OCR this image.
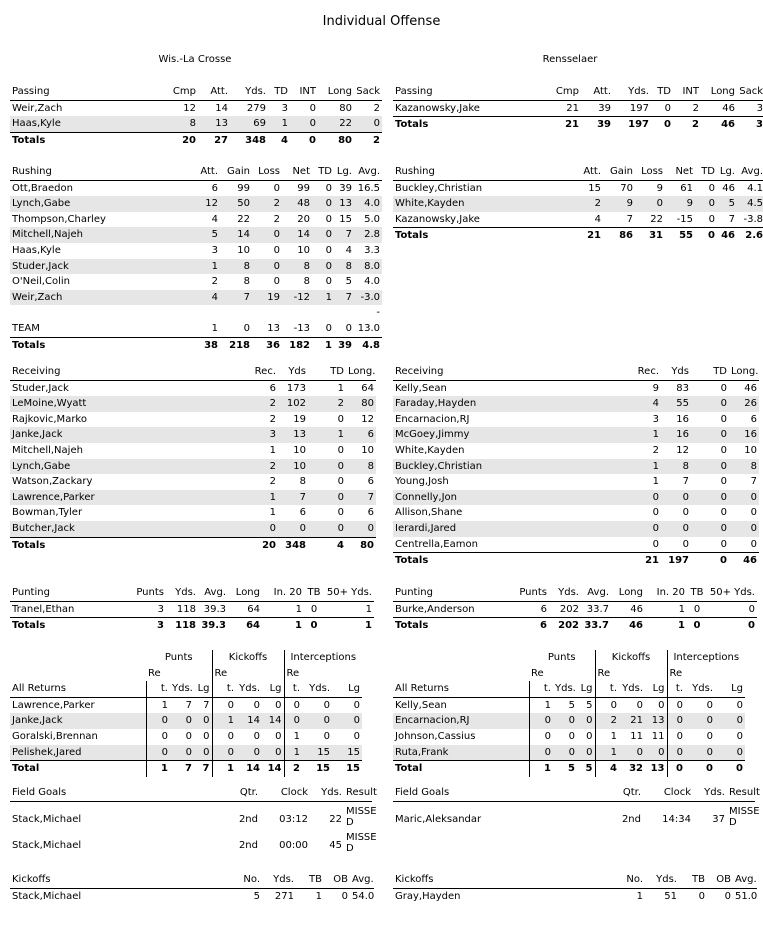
Individual Offense
Wis.-La Crosse	Rensselaer
Passing	Cmp	Att.	Yds.	TD	INT	Long	Sack
Weir,Zach	12	14	279	3	0	80	2
Haas,Kyle	8	13	69	1	0	22	0
Totals	20	27	348	4	0	80	2
Passing	Cmp	Att.	Yds.	TD	INT	Long	Sack
Kazanowsky,Jake	21	39	197	0	2	46	3
Totals	21	39	197	0	2	46	3
Rushing	Att.	Gain	Loss	Net	TD	Lg.	Avg.
Ott,Braedon	6	99	0	99	0	39	16.5
Lynch,Gabe	12	50	2	48	0	13	4.0
Thompson,Charley	4	22	2	20	0	15	5.0
Mitchell,Najeh	5	14	0	14	0	7	2.8
Haas,Kyle	3	10	0	10	0	4	3.3
Studer,Jack	1	8	0	8	0	8	8.0
O'Neil,Colin	2	8	0	8	0	5	4.0
Weir,Zach	4	7	19	-12	1	7	-3.0
							-
TEAM	1	0	13	-13	0	0	13.0
Totals	38	218	36	182	1	39	4.8
Rushing	Att.	Gain	Loss	Net	TD	Lg.	Avg.
Buckley,Christian	15	70	9	61	0	46	4.1
White,Kayden	2	9	0	9	0	5	4.5
Kazanowsky,Jake	4	7	22	-15	0	7	-3.8
Totals	21	86	31	55	0	46	2.6
Receiving	Rec.	Yds	TD	Long.
Studer,Jack	6	173	1	64
LeMoine,Wyatt	2	102	2	80
Rajkovic,Marko	2	19	0	12
Janke,Jack	3	13	1	6
Mitchell,Najeh	1	10	0	10
Lynch,Gabe	2	10	0	8
Watson,Zackary	2	8	0	6
Lawrence,Parker	1	7	0	7
Bowman,Tyler	1	6	0	6
Butcher,Jack	0	0	0	0
Totals	20	348	4	80
Receiving	Rec.	Yds	TD	Long.
Kelly,Sean	9	83	0	46
Faraday,Hayden	4	55	0	26
Encarnacion,RJ	3	16	0	6
McGoey,Jimmy	1	16	0	16
White,Kayden	2	12	0	10
Buckley,Christian	1	8	0	8
Young,Josh	1	7	0	7
Connelly,Jon	0	0	0	0
Allison,Shane	0	0	0	0
Ierardi,Jared	0	0	0	0
Centrella,Eamon	0	0	0	0
Totals	21	197	0	46
Punting	Punts	Yds.	Avg.	Long	In. 20	TB	50+ Yds.
Tranel,Ethan	3	118	39.3	64	1	0	1
Totals	3	118	39.3	64	1	0	1
Punting	Punts	Yds.	Avg.	Long	In. 20	TB	50+ Yds.
Burke,Anderson	6	202	33.7	46	1	0	0
Totals	6	202	33.7	46	1	0	0
	Punts			Kickoffs			Interceptions		
	Re			Re			Re		
All Returns	t.	Yds.	Lg	t.	Yds.	Lg	t.	Yds.	Lg
Lawrence,Parker	1	7	7	0	0	0	0	0	0
Janke,Jack	0	0	0	1	14	14	0	0	0
Goralski,Brennan	0	0	0	0	0	0	1	0	0
Pelishek,Jared	0	0	0	0	0	0	1	15	15
Total	1	7	7	1	14	14	2	15	15
	Punts			Kickoffs			Interceptions		
	Re			Re			Re		
All Returns	t.	Yds.	Lg	t.	Yds.	Lg	t.	Yds.	Lg
Kelly,Sean	1	5	5	0	0	0	0	0	0
Encarnacion,RJ	0	0	0	2	21	13	0	0	0
Johnson,Cassius	0	0	0	1	11	11	0	0	0
Ruta,Frank	0	0	0	1	0	0	0	0	0
Total	1	5	5	4	32	13	0	0	0
Field Goals	Qtr.	Clock	Yds.	Result
Stack,Michael	2nd	03:12	22	MISSE
D

Stack,Michael	2nd	00:00	45	MISSE
D
Field Goals	Qtr.	Clock	Yds.	Result
Maric,Aleksandar	2nd	14:34	37	MISSE
D
Kickoffs	No.	Yds.	TB	OB	Avg.
Stack,Michael	5	271	1	0	54.0
Kickoffs	No.	Yds.	TB	OB	Avg.
Gray,Hayden	1	51	0	0	51.0
